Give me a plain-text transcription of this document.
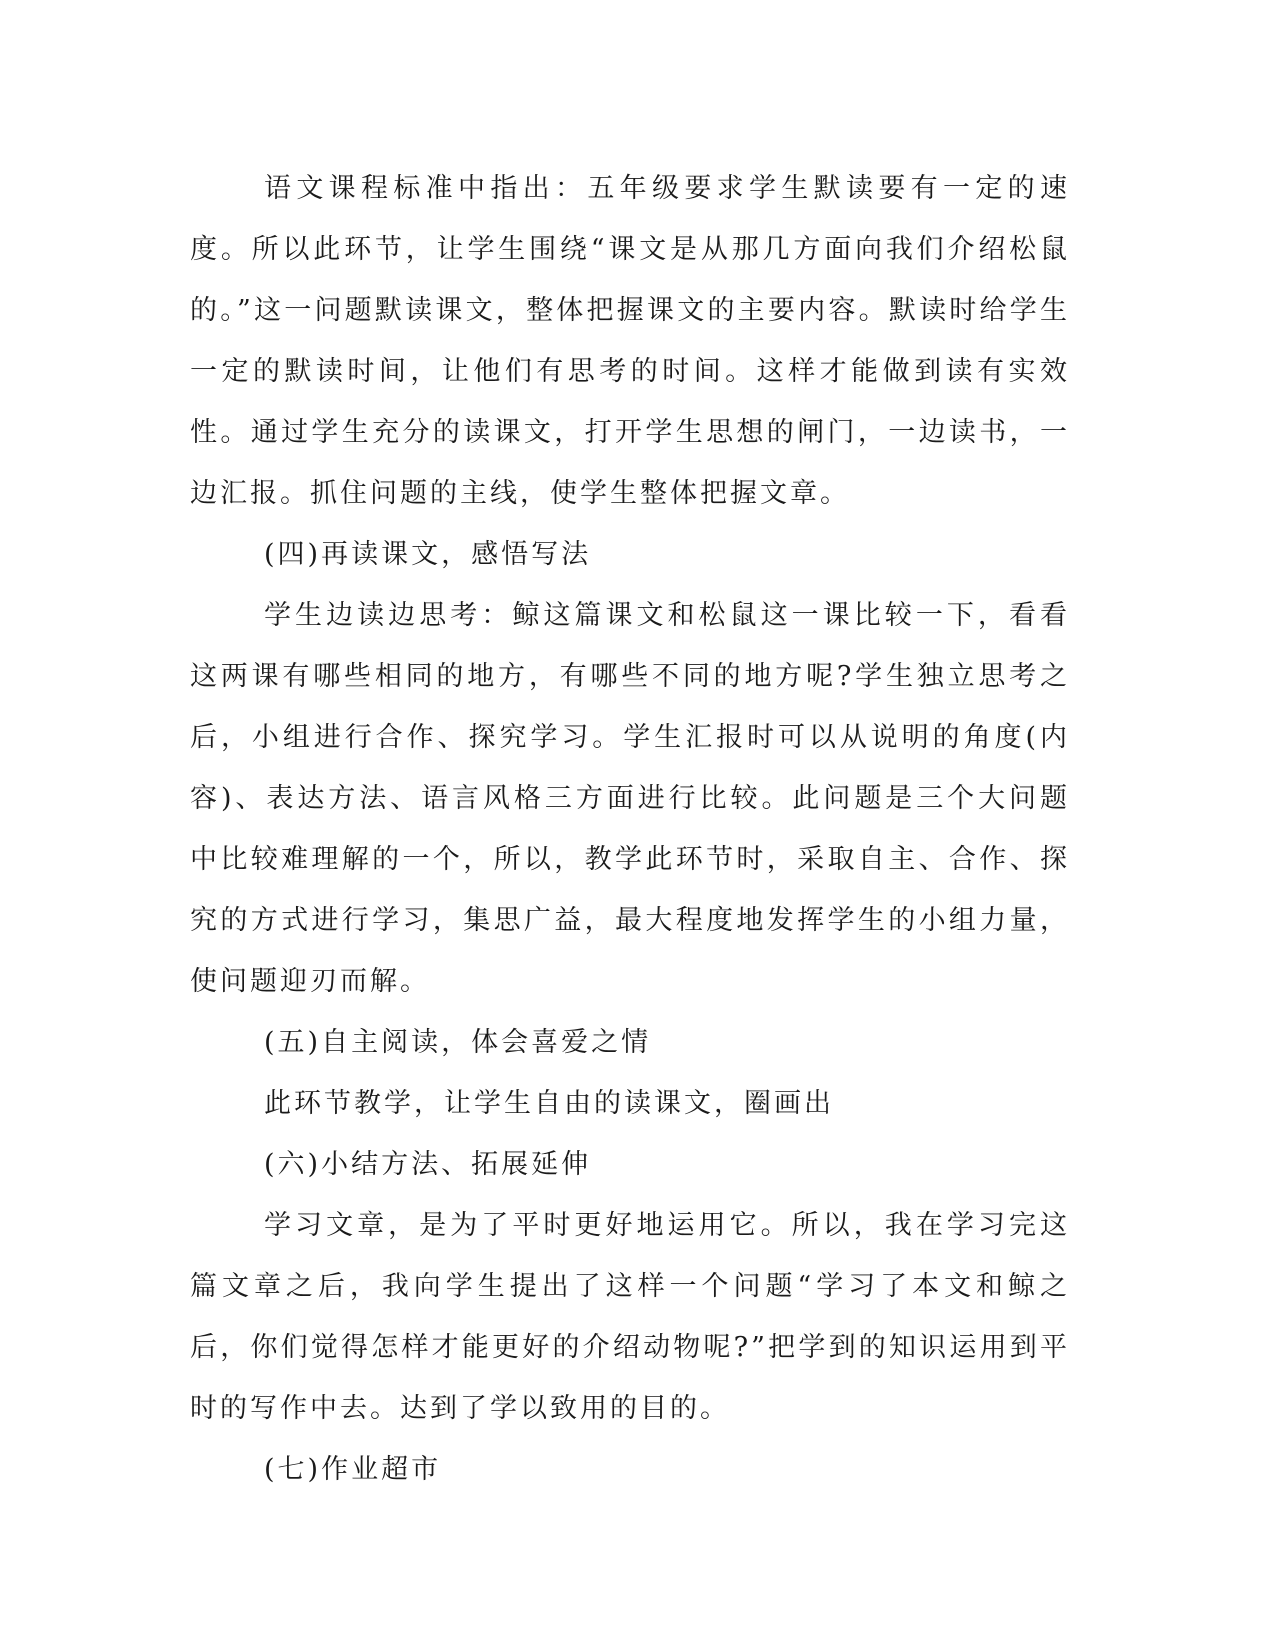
语文课程标准中指出：五年级要求学生默读要有一定的速度。所以此环节，让学生围绕“课文是从那几方面向我们介绍松鼠的。”这一问题默读课文，整体把握课文的主要内容。默读时给学生一定的默读时间，让他们有思考的时间。这样才能做到读有实效性。通过学生充分的读课文，打开学生思想的闸门，一边读书，一边汇报。抓住问题的主线，使学生整体把握文章。

(四)再读课文，感悟写法

学生边读边思考：鲸这篇课文和松鼠这一课比较一下，看看这两课有哪些相同的地方，有哪些不同的地方呢?学生独立思考之后，小组进行合作、探究学习。学生汇报时可以从说明的角度(内容)、表达方法、语言风格三方面进行比较。此问题是三个大问题中比较难理解的一个，所以，教学此环节时，采取自主、合作、探究的方式进行学习，集思广益，最大程度地发挥学生的小组力量，使问题迎刃而解。

(五)自主阅读，体会喜爱之情

此环节教学，让学生自由的读课文，圈画出

(六)小结方法、拓展延伸

学习文章，是为了平时更好地运用它。所以，我在学习完这篇文章之后，我向学生提出了这样一个问题“学习了本文和鲸之后，你们觉得怎样才能更好的介绍动物呢?”把学到的知识运用到平时的写作中去。达到了学以致用的目的。

(七)作业超市
